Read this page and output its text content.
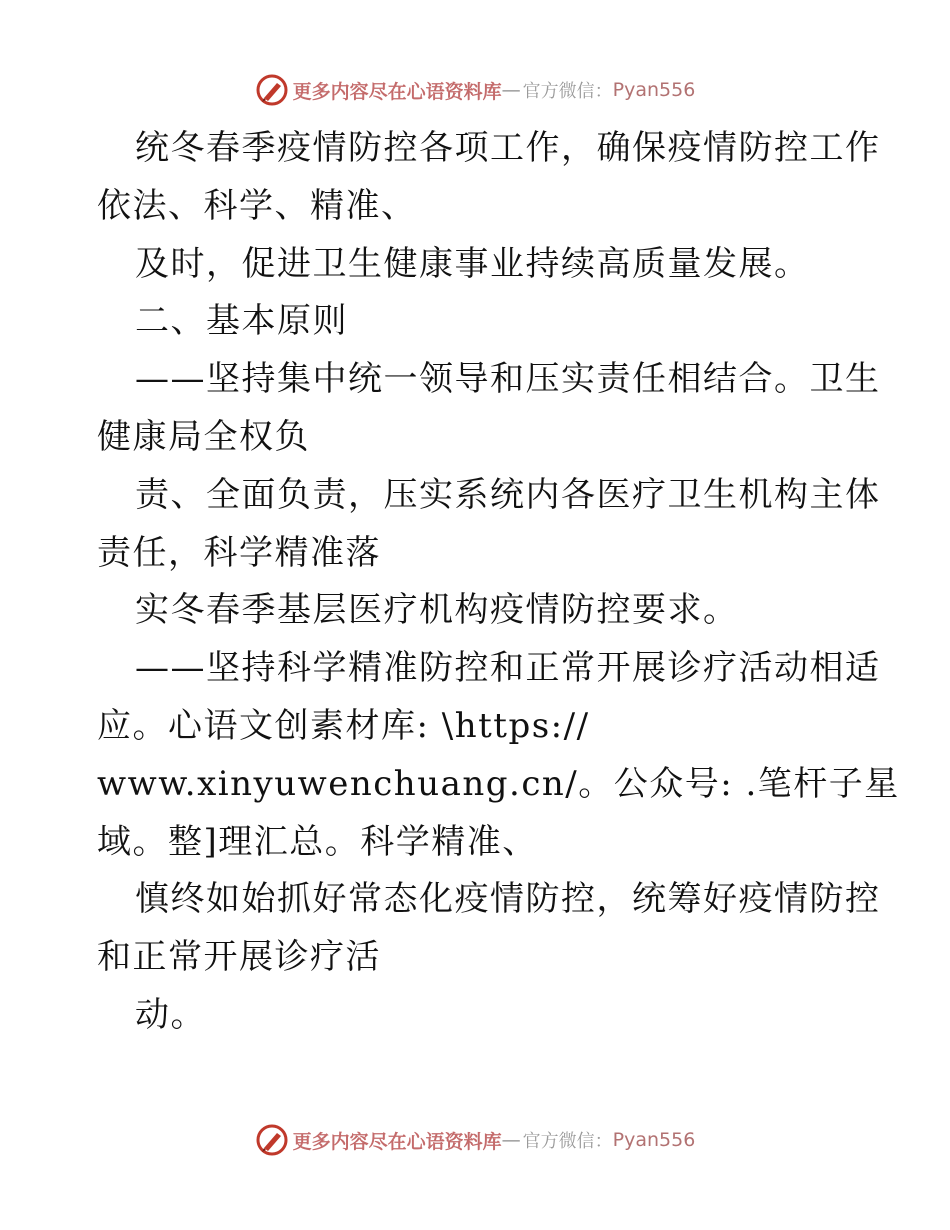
更多内容尽在心语资料库 — 官方微信： Pyan556
统冬春季疫情防控各项工作，确保疫情防控工作
依法、科学、精准、
及时，促进卫生健康事业持续高质量发展。
二、基本原则
——坚持集中统一领导和压实责任相结合。卫生
健康局全权负
责、全面负责，压实系统内各医疗卫生机构主体
责任，科学精准落
实冬春季基层医疗机构疫情防控要求。
——坚持科学精准防控和正常开展诊疗活动相适
应。心语文创素材库: \https://
www.xinyuwenchuang.cn/。公众号: .笔杆子星
域。整]理汇总。科学精准、
慎终如始抓好常态化疫情防控，统筹好疫情防控
和正常开展诊疗活
动。
更多内容尽在心语资料库 — 官方微信： Pyan556
